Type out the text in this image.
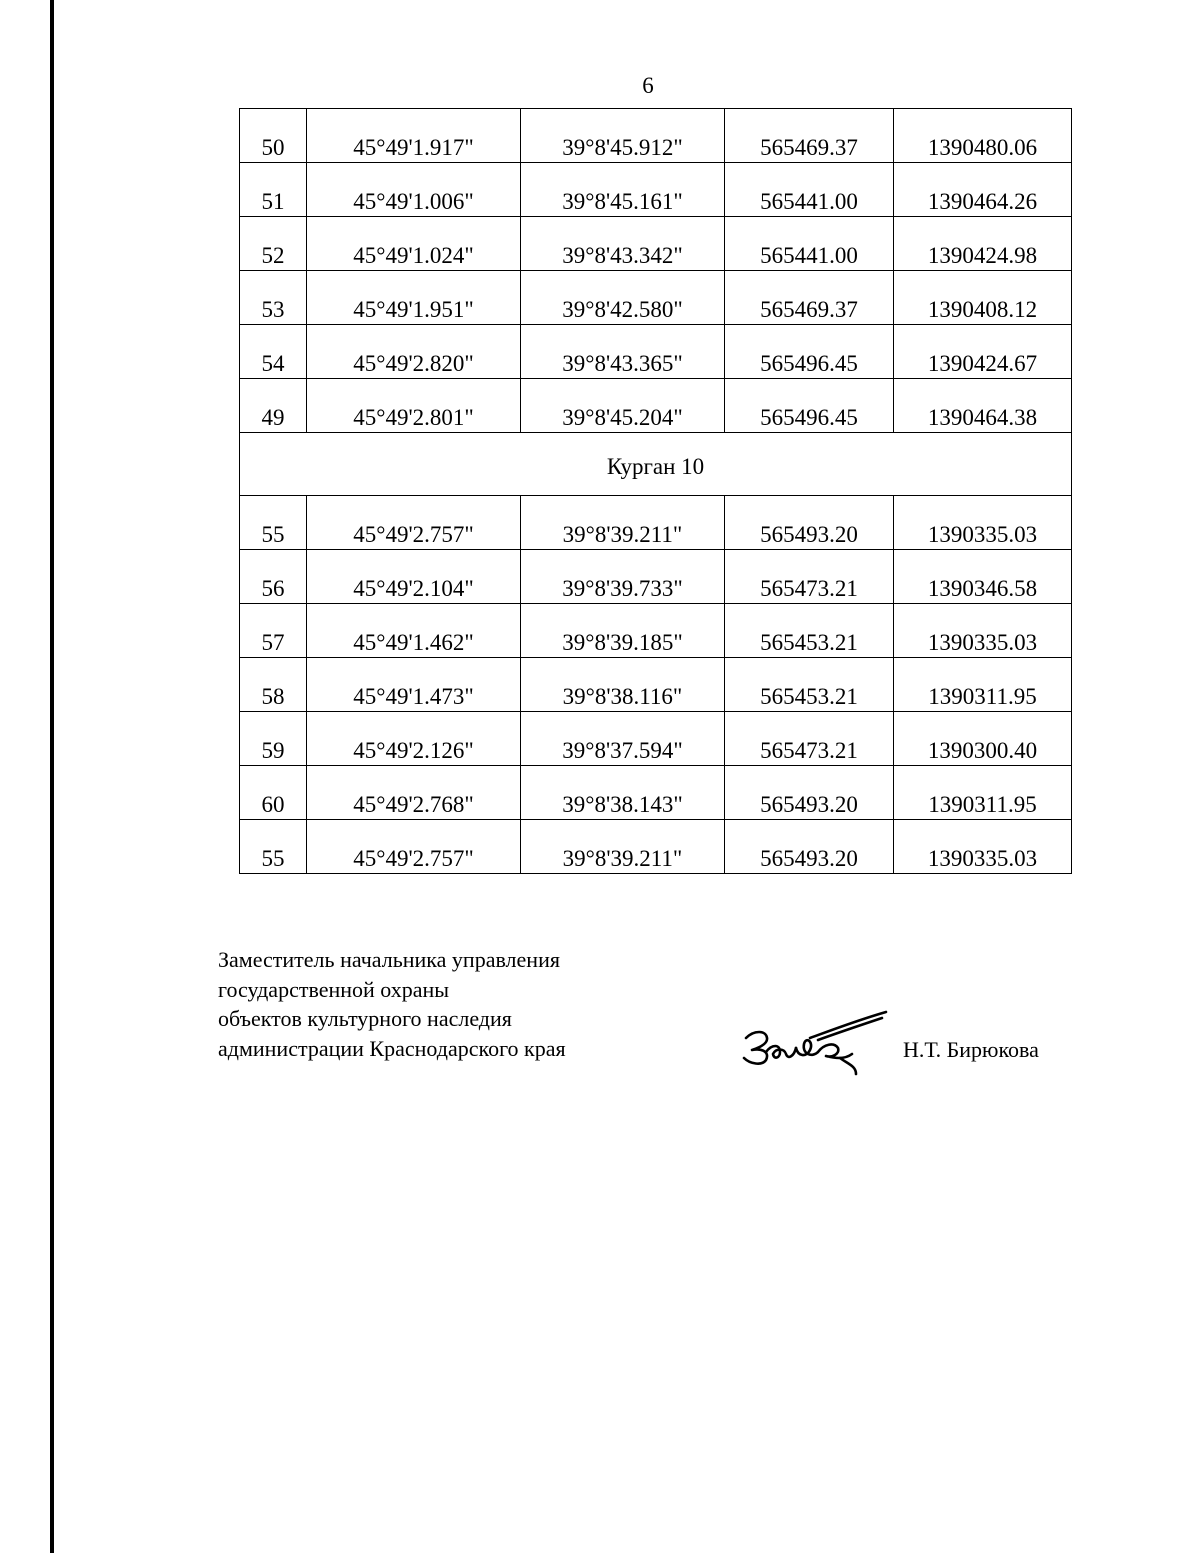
6
50	45°49'1.917"	39°8'45.912"	565469.37	1390480.06
51	45°49'1.006"	39°8'45.161"	565441.00	1390464.26
52	45°49'1.024"	39°8'43.342"	565441.00	1390424.98
53	45°49'1.951"	39°8'42.580"	565469.37	1390408.12
54	45°49'2.820"	39°8'43.365"	565496.45	1390424.67
49	45°49'2.801"	39°8'45.204"	565496.45	1390464.38
Курган 10				
55	45°49'2.757"	39°8'39.211"	565493.20	1390335.03
56	45°49'2.104"	39°8'39.733"	565473.21	1390346.58
57	45°49'1.462"	39°8'39.185"	565453.21	1390335.03
58	45°49'1.473"	39°8'38.116"	565453.21	1390311.95
59	45°49'2.126"	39°8'37.594"	565473.21	1390300.40
60	45°49'2.768"	39°8'38.143"	565493.20	1390311.95
55	45°49'2.757"	39°8'39.211"	565493.20	1390335.03
Заместитель начальника управления
государственной охраны
объектов культурного наследия
администрации Краснодарского края	Н.Т. Бирюкова
